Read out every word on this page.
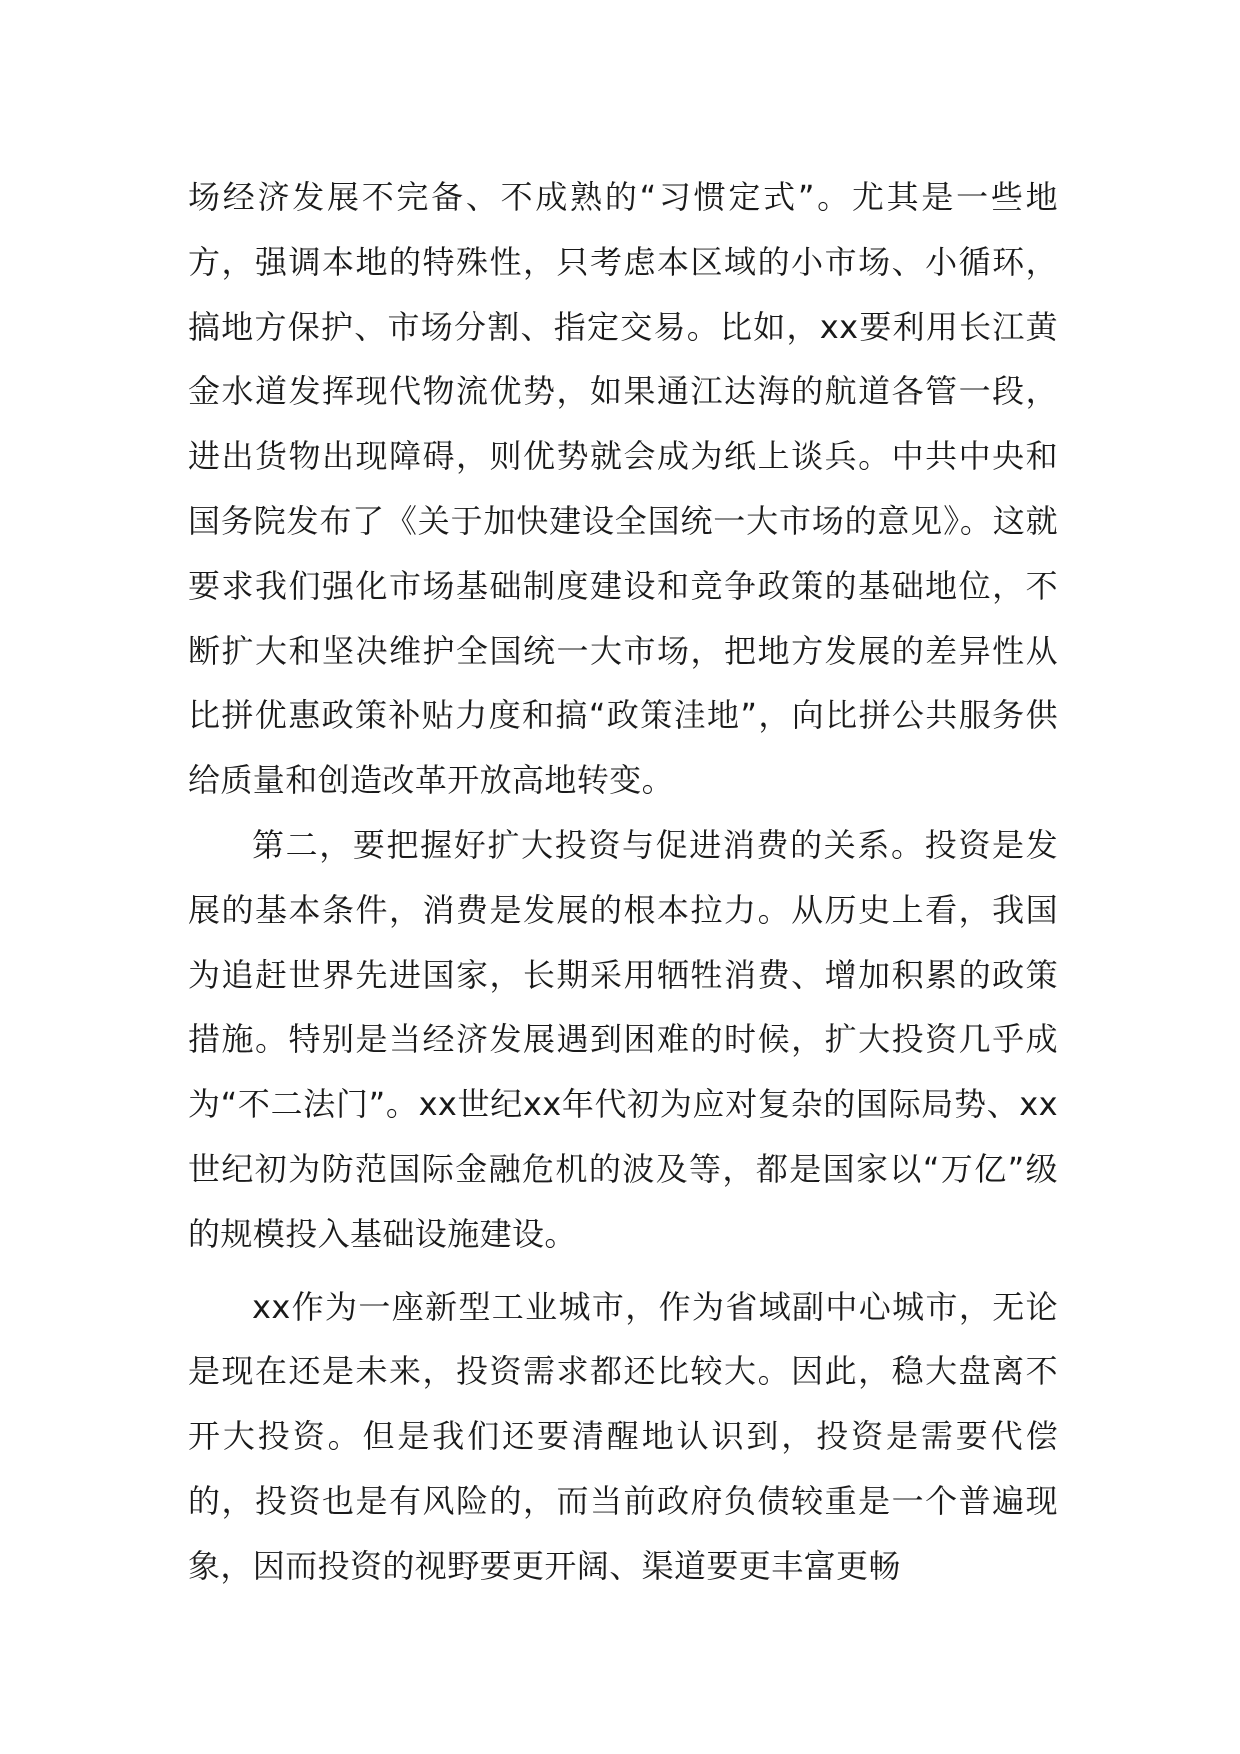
场经济发展不完备、不成熟的“习惯定式”。尤其是一些地方，强调本地的特殊性，只考虑本区域的小市场、小循环，搞地方保护、市场分割、指定交易。比如，xx要利用长江黄金水道发挥现代物流优势，如果通江达海的航道各管一段，进出货物出现障碍，则优势就会成为纸上谈兵。中共中央和国务院发布了《关于加快建设全国统一大市场的意见》。这就要求我们强化市场基础制度建设和竞争政策的基础地位，不断扩大和坚决维护全国统一大市场，把地方发展的差异性从比拼优惠政策补贴力度和搞“政策洼地”，向比拼公共服务供给质量和创造改革开放高地转变。

第二，要把握好扩大投资与促进消费的关系。投资是发展的基本条件，消费是发展的根本拉力。从历史上看，我国为追赶世界先进国家，长期采用牺牲消费、增加积累的政策措施。特别是当经济发展遇到困难的时候，扩大投资几乎成为“不二法门”。xx世纪xx年代初为应对复杂的国际局势、xx世纪初为防范国际金融危机的波及等，都是国家以“万亿”级的规模投入基础设施建设。

xx作为一座新型工业城市，作为省域副中心城市，无论是现在还是未来，投资需求都还比较大。因此，稳大盘离不开大投资。但是我们还要清醒地认识到，投资是需要代偿的，投资也是有风险的，而当前政府负债较重是一个普遍现象，因而投资的视野要更开阔、渠道要更丰富更畅
